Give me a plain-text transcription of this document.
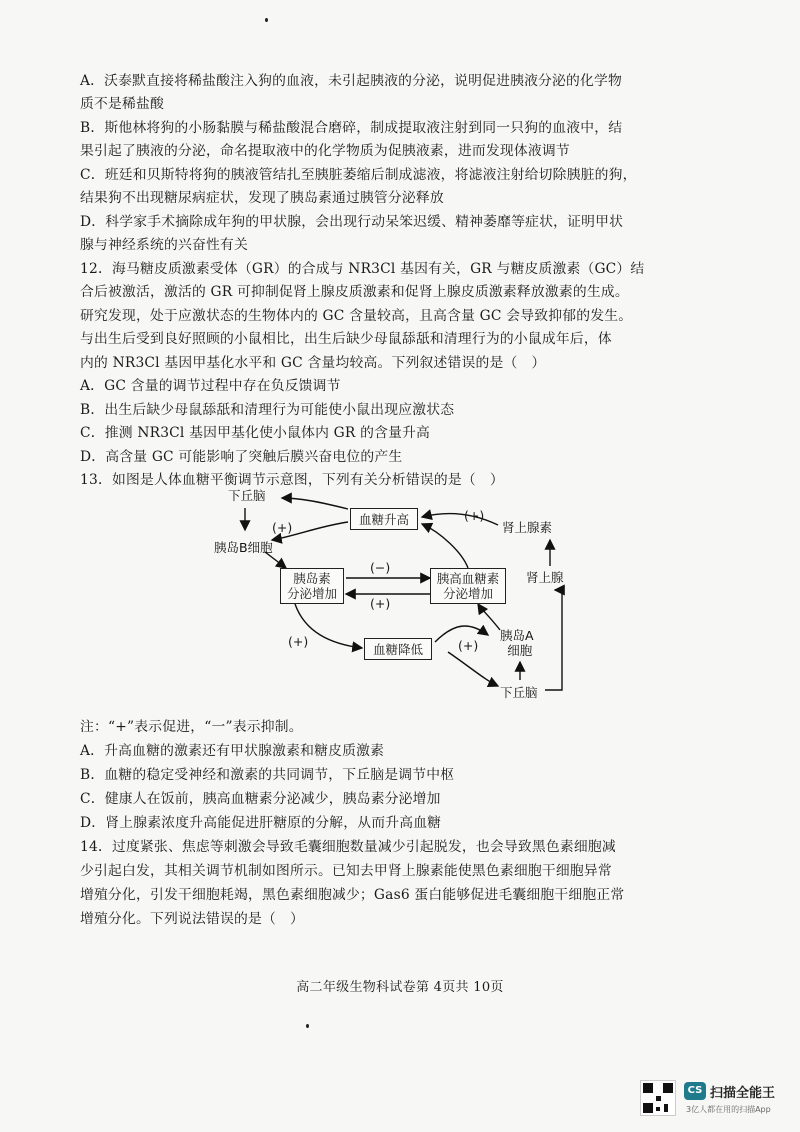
A．沃泰默直接将稀盐酸注入狗的血液，未引起胰液的分泌，说明促进胰液分泌的化学物
质不是稀盐酸
B．斯他林将狗的小肠黏膜与稀盐酸混合磨碎，制成提取液注射到同一只狗的血液中，结
果引起了胰液的分泌，命名提取液中的化学物质为促胰液素，进而发现体液调节
C．班廷和贝斯特将狗的胰液管结扎至胰脏萎缩后制成滤液，将滤液注射给切除胰脏的狗，
结果狗不出现糖尿病症状，发现了胰岛素通过胰管分泌释放
D．科学家手术摘除成年狗的甲状腺，会出现行动呆笨迟缓、精神萎靡等症状，证明甲状
腺与神经系统的兴奋性有关
12．海马糖皮质激素受体（GR）的合成与 NR3Cl 基因有关，GR 与糖皮质激素（GC）结
合后被激活，激活的 GR 可抑制促肾上腺皮质激素和促肾上腺皮质激素释放激素的生成。
研究发现，处于应激状态的生物体内的 GC 含量较高，且高含量 GC 会导致抑郁的发生。
与出生后受到良好照顾的小鼠相比，出生后缺少母鼠舔舐和清理行为的小鼠成年后，体
内的 NR3Cl 基因甲基化水平和 GC 含量均较高。下列叙述错误的是（　）
A．GC 含量的调节过程中存在负反馈调节
B．出生后缺少母鼠舔舐和清理行为可能使小鼠出现应激状态
C．推测 NR3Cl 基因甲基化使小鼠体内 GR 的含量升高
D．高含量 GC 可能影响了突触后膜兴奋电位的产生
13．如图是人体血糖平衡调节示意图，下列有关分析错误的是（　）
下丘脑
(+)
胰岛B细胞
血糖升高	(+)
肾上腺素
胰岛素
分泌增加
(−)
(+)
胰高血糖素
分泌增加
肾上腺
(+)	血糖降低	(+)
胰岛A
细胞
下丘脑
注：“+”表示促进，“一”表示抑制。
A．升高血糖的激素还有甲状腺激素和糖皮质激素
B．血糖的稳定受神经和激素的共同调节，下丘脑是调节中枢
C．健康人在饭前，胰高血糖素分泌减少，胰岛素分泌增加
D．肾上腺素浓度升高能促进肝糖原的分解，从而升高血糖
14．过度紧张、焦虑等刺激会导致毛囊细胞数量减少引起脱发，也会导致黑色素细胞减
少引起白发，其相关调节机制如图所示。已知去甲肾上腺素能使黑色素细胞干细胞异常
增殖分化，引发干细胞耗竭，黑色素细胞减少；Gas6 蛋白能够促进毛囊细胞干细胞正常
增殖分化。下列说法错误的是（　）
高二年级生物科试卷第 4页共 10页
CS 扫描全能王
3亿人都在用的扫描App
